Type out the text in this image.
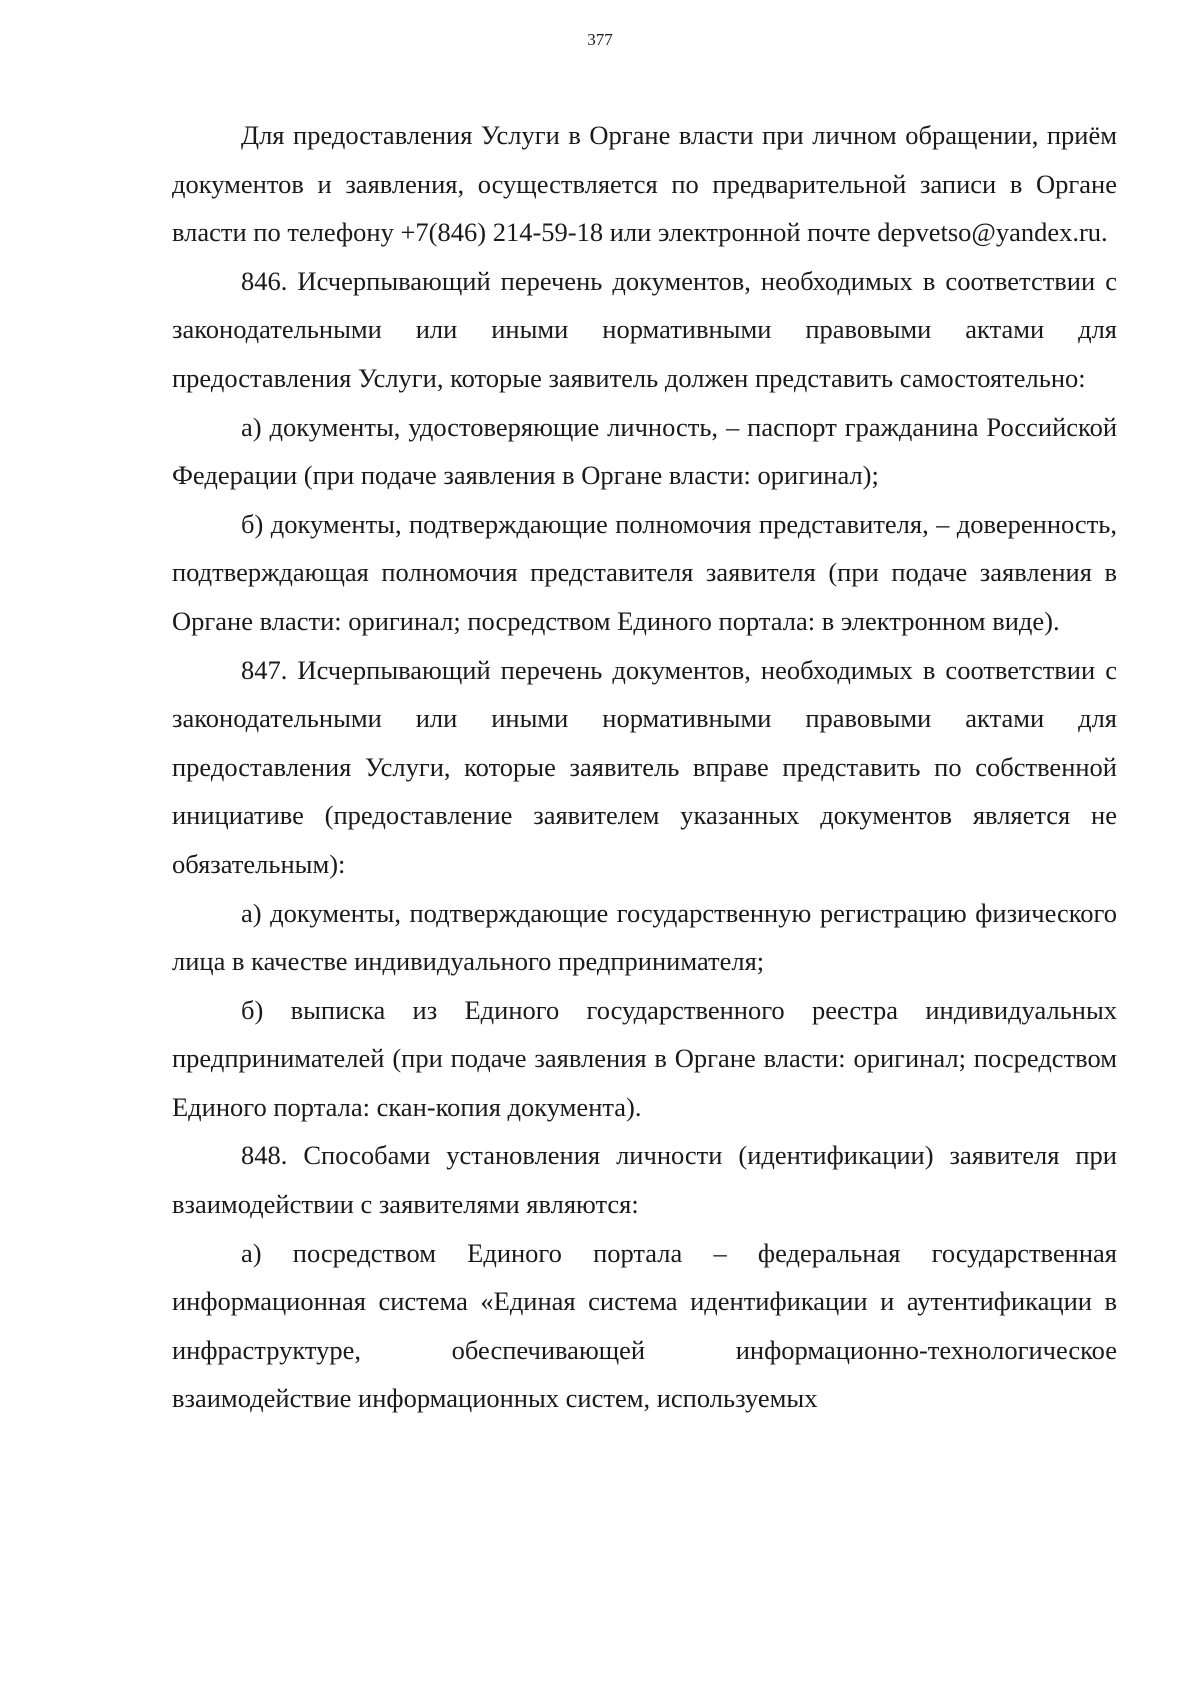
377

Для предоставления Услуги в Органе власти при личном обращении, приём документов и заявления, осуществляется по предварительной записи в Органе власти по телефону +7(846) 214-59-18 или электронной почте depvetso@yandex.ru.

846. Исчерпывающий перечень документов, необходимых в соответствии с законодательными или иными нормативными правовыми актами для предоставления Услуги, которые заявитель должен представить самостоятельно:

а) документы, удостоверяющие личность, – паспорт гражданина Российской Федерации (при подаче заявления в Органе власти: оригинал);

б) документы, подтверждающие полномочия представителя, – доверенность, подтверждающая полномочия представителя заявителя (при подаче заявления в Органе власти: оригинал; посредством Единого портала: в электронном виде).

847. Исчерпывающий перечень документов, необходимых в соответствии с законодательными или иными нормативными правовыми актами для предоставления Услуги, которые заявитель вправе представить по собственной инициативе (предоставление заявителем указанных документов является не обязательным):

а) документы, подтверждающие государственную регистрацию физического лица в качестве индивидуального предпринимателя;

б) выписка из Единого государственного реестра индивидуальных предпринимателей (при подаче заявления в Органе власти: оригинал; посредством Единого портала: скан-копия документа).

848. Способами установления личности (идентификации) заявителя при взаимодействии с заявителями являются:

а) посредством Единого портала – федеральная государственная информационная система «Единая система идентификации и аутентификации в инфраструктуре, обеспечивающей информационно-технологическое взаимодействие информационных систем, используемых
